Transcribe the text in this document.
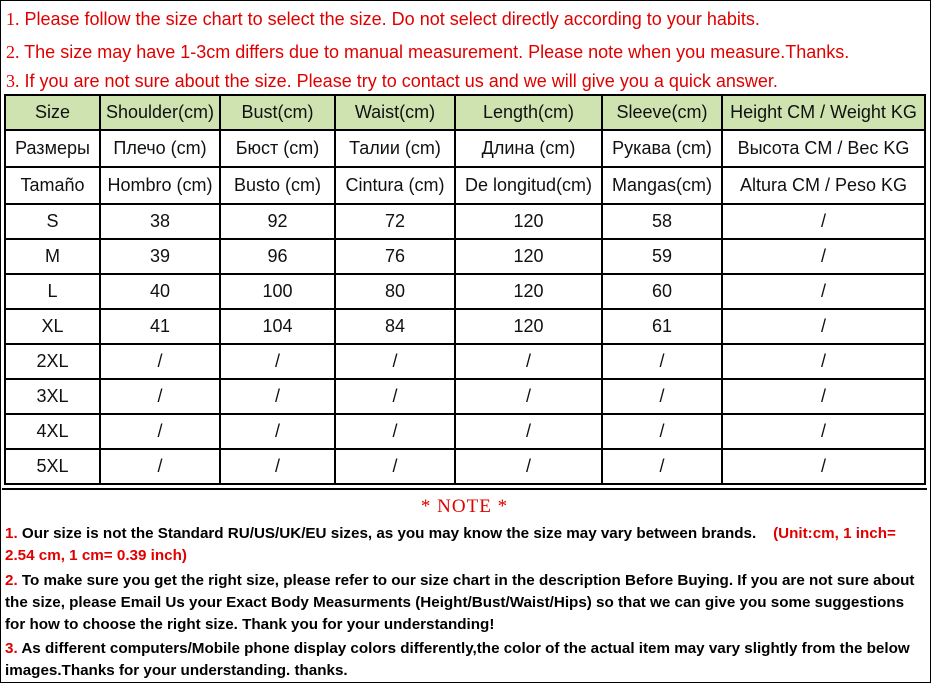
1. Please follow the size chart to select the size. Do not select directly according to your habits.
2. The size may have 1-3cm differs due to manual measurement. Please note when you measure.Thanks.
3. If you are not sure about the size. Please try to contact us and we will give you a quick answer.
Size	Shoulder(cm)	Bust(cm)	Waist(cm)	Length(cm)	Sleeve(cm)	Height CM / Weight KG
Размеры	Плечо (cm)	Бюст (cm)	Талии (cm)	Длина (cm)	Рукава (cm)	Высота CM / Вес KG
Tamaño	Hombro (cm)	Busto (cm)	Cintura (cm)	De longitud(cm)	Mangas(cm)	Altura CM / Peso KG
S	38	92	72	120	58	/
M	39	96	76	120	59	/
L	40	100	80	120	60	/
XL	41	104	84	120	61	/
2XL	/	/	/	/	/	/
3XL	/	/	/	/	/	/
4XL	/	/	/	/	/	/
5XL	/	/	/	/	/	/
* NOTE *
1. Our size is not the Standard RU/US/UK/EU sizes, as you may know the size may vary between brands. (Unit:cm, 1 inch= 2.54 cm, 1 cm= 0.39 inch)
2. To make sure you get the right size, please refer to our size chart in the description Before Buying. If you are not sure about the size, please Email Us your Exact Body Measurments (Height/Bust/Waist/Hips) so that we can give you some suggestions for how to choose the right size. Thank you for your understanding!
3. As different computers/Mobile phone display colors differently,the color of the actual item may vary slightly from the below images.Thanks for your understanding. thanks.
